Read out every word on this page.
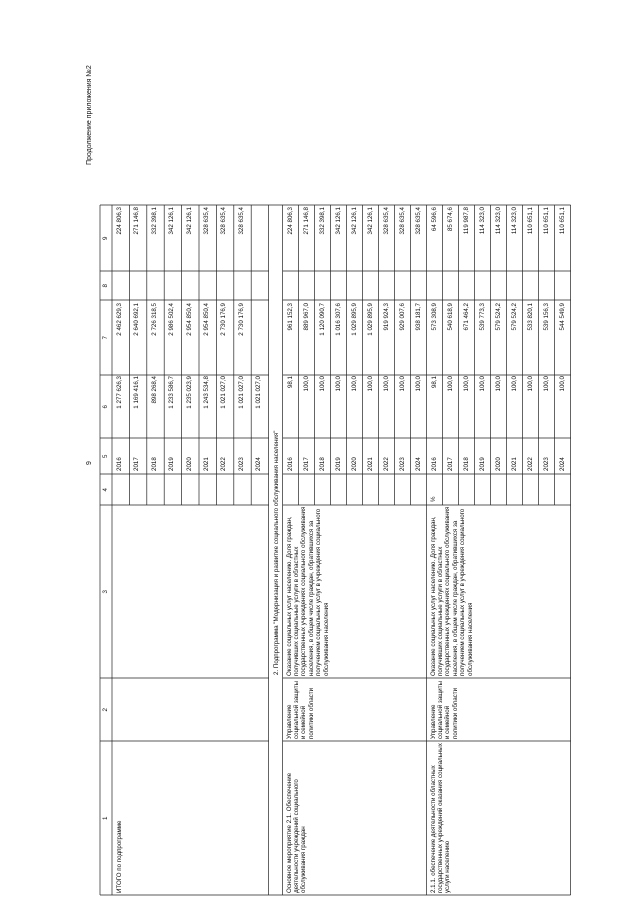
9
Продолжение приложения №2
1
2
3
4
5
6
7
8
9
ИТОГО по подпрограмме
2016
1 277 626,3
2 462 629,3
224 806,3
2017
1 169 416,1
2 640 692,1
271 146,8
2018
898 268,4
2 726 318,5
332 398,1
2019
1 233 586,7
2 986 502,4
342 126,1
2020
1 235 023,9
2 954 850,4
342 126,1
2021
1 243 534,8
2 954 850,4
328 635,4
2022
1 021 027,0
2 730 176,9
328 635,4
2023
1 021 027,0
2 730 176,9
328 635,4
2024
1 021 027,0
2. Подпрограмма "Модернизация и развитие социального обслуживания населения"
Основное мероприятие 2.1. Обеспечение деятельности учреждений социального обслуживания граждан
Управление социальной защиты и семейной политики области
Оказание социальных услуг населению. Доля граждан, получивших социальные услуги в областных государственных учреждениях социального обслуживания населения, в общем числе граждан, обратившихся за получением социальных услуг в учреждения социального обслуживания населения
2016
98,1
961 152,3
224 806,3
2017
100,0
889 967,0
271 146,8
2018
100,0
1 120 090,7
332 398,1
2019
100,0
1 016 307,6
342 126,1
2020
100,0
1 029 895,9
342 126,1
2021
100,0
1 029 895,9
342 126,1
2022
100,0
919 924,3
328 635,4
2023
100,0
929 007,6
328 635,4
2024
100,0
938 181,7
328 635,4
2.1.1. обеспечение деятельности областных государственных учреждений оказания социальных услуги населению
Управление социальной защиты и семейной политики области
Оказание социальных услуг населению. Доля граждан, получивших социальные услуги в областных государственных учреждениях социального обслуживания населения, в общем числе граждан, обратившихся за получением социальных услуг в учреждения социального обслуживания населения
%
2016
98,1
573 308,9
64 596,6
2017
100,0
540 618,9
85 674,6
2018
100,0
671 464,2
119 987,8
2019
100,0
539 773,3
114 323,0
2020
100,0
579 524,2
114 323,0
2021
100,0
579 524,2
114 323,0
2022
100,0
533 820,1
110 651,1
2023
100,0
539 156,3
110 651,1
2024
100,0
544 549,9
110 651,1
